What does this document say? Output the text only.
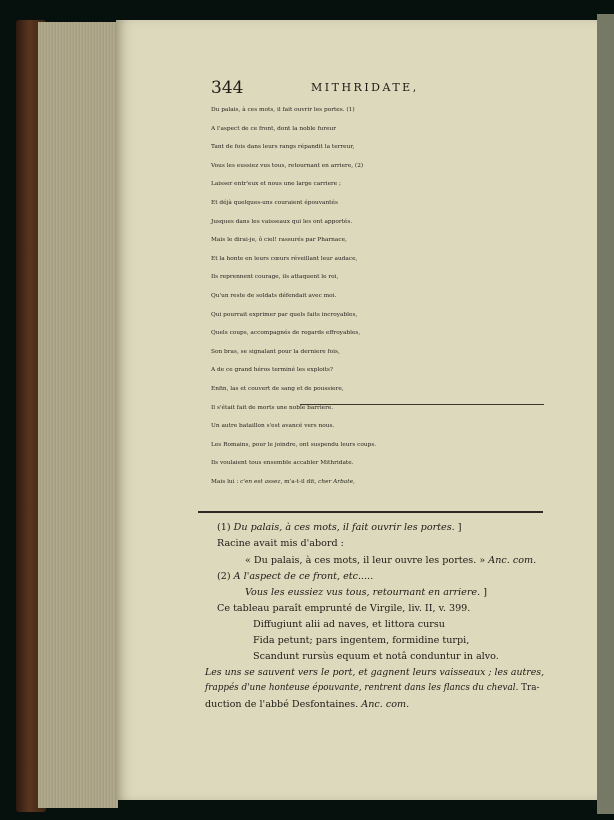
344	MITHRIDATE,
Du palais, à ces mots, il fait ouvrir les portes. (1)
A l'aspect de ce front, dont la noble fureur
Tant de fois dans leurs rangs répandit la terreur,
Vous les eussiez vus tous, retournant en arriere, (2)
Laisser entr'eux et nous une large carriere ;
Et déjà quelques-uns couraient épouvantés
Jusques dans les vaisseaux qui les ont apportés.
Mais le dirai-je, ô ciel! rassurés par Pharnace,
Et la honte en leurs cœurs réveillant leur audace,
Ils reprennent courage, ils attaquent le roi,
Qu'un reste de soldats défendait avec moi.
Qui pourrait exprimer par quels faits incroyables,
Quels coups, accompagnés de regards effroyables,
Son bras, se signalant pour la derniere fois,
A de ce grand héros terminé les exploits?
Enfin, las et couvert de sang et de poussiere,
Il s'était fait de morts une noble barriere.
Un autre bataillon s'est avancé vers nous.
Les Romains, pour le joindre, ont suspendu leurs coups.
Ils voulaient tous ensemble accabler Mithridate.
Mais lui : c'en est assez, m'a-t-il dit, cher Arbate,
(1) Du palais, à ces mots, il fait ouvrir les portes. ]
Racine avait mis d'abord :
« Du palais, à ces mots, il leur ouvre les portes. » Anc. com.
(2) A l'aspect de ce front, etc.....
Vous les eussiez vus tous, retournant en arriere. ]
Ce tableau paraît emprunté de Virgile, liv. II, v. 399.
Diffugiunt alii ad naves, et littora cursu
Fida petunt; pars ingentem, formidine turpi,
Scandunt rursùs equum et notâ conduntur in alvo.
Les uns se sauvent vers le port, et gagnent leurs vaisseaux ; les autres,
frappés d'une honteuse épouvante, rentrent dans les flancs du cheval. Tra-
duction de l'abbé Desfontaines. Anc. com.
